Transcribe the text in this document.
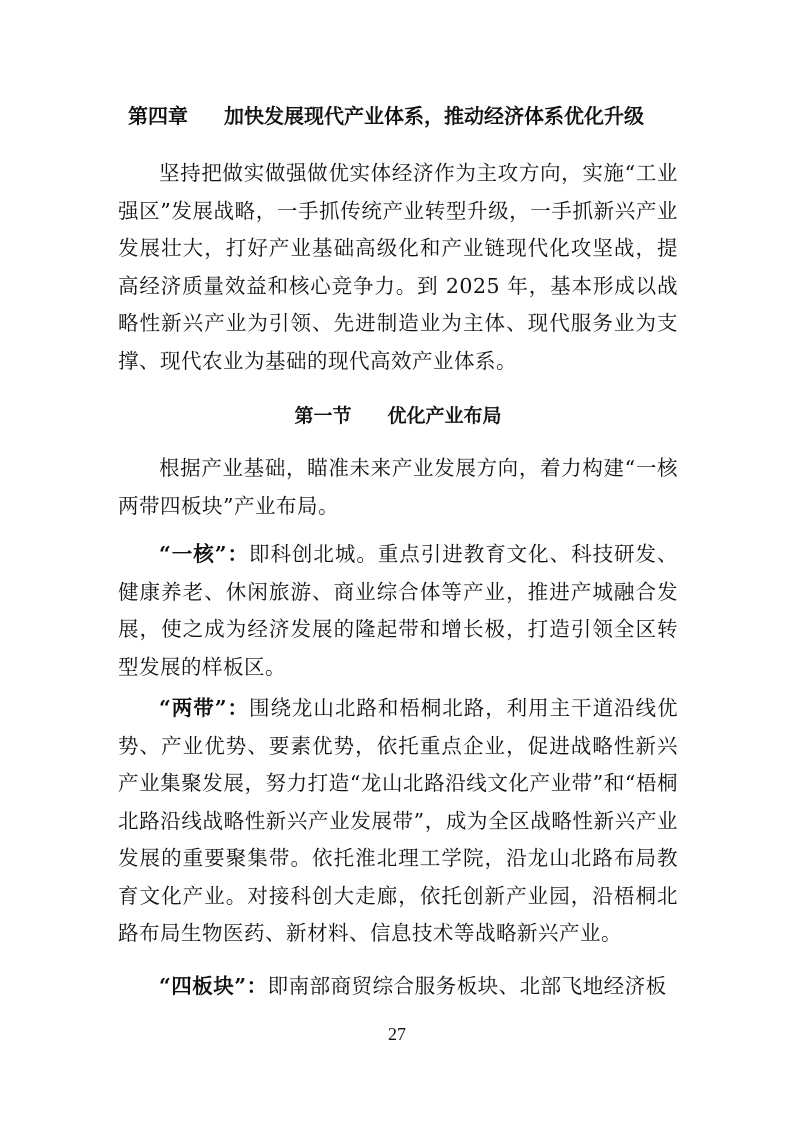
第四章 加快发展现代产业体系，推动经济体系优化升级

坚持把做实做强做优实体经济作为主攻方向，实施“工业强区”发展战略，一手抓传统产业转型升级，一手抓新兴产业发展壮大，打好产业基础高级化和产业链现代化攻坚战，提高经济质量效益和核心竞争力。到 2025 年，基本形成以战略性新兴产业为引领、先进制造业为主体、现代服务业为支撑、现代农业为基础的现代高效产业体系。

第一节 优化产业布局

根据产业基础，瞄准未来产业发展方向，着力构建“一核两带四板块”产业布局。

“一核”：即科创北城。重点引进教育文化、科技研发、健康养老、休闲旅游、商业综合体等产业，推进产城融合发展，使之成为经济发展的隆起带和增长极，打造引领全区转型发展的样板区。

“两带”：围绕龙山北路和梧桐北路，利用主干道沿线优势、产业优势、要素优势，依托重点企业，促进战略性新兴产业集聚发展，努力打造“龙山北路沿线文化产业带”和“梧桐北路沿线战略性新兴产业发展带”，成为全区战略性新兴产业发展的重要聚集带。依托淮北理工学院，沿龙山北路布局教育文化产业。对接科创大走廊，依托创新产业园，沿梧桐北路布局生物医药、新材料、信息技术等战略新兴产业。

“四板块”：即南部商贸综合服务板块、北部飞地经济板

27
